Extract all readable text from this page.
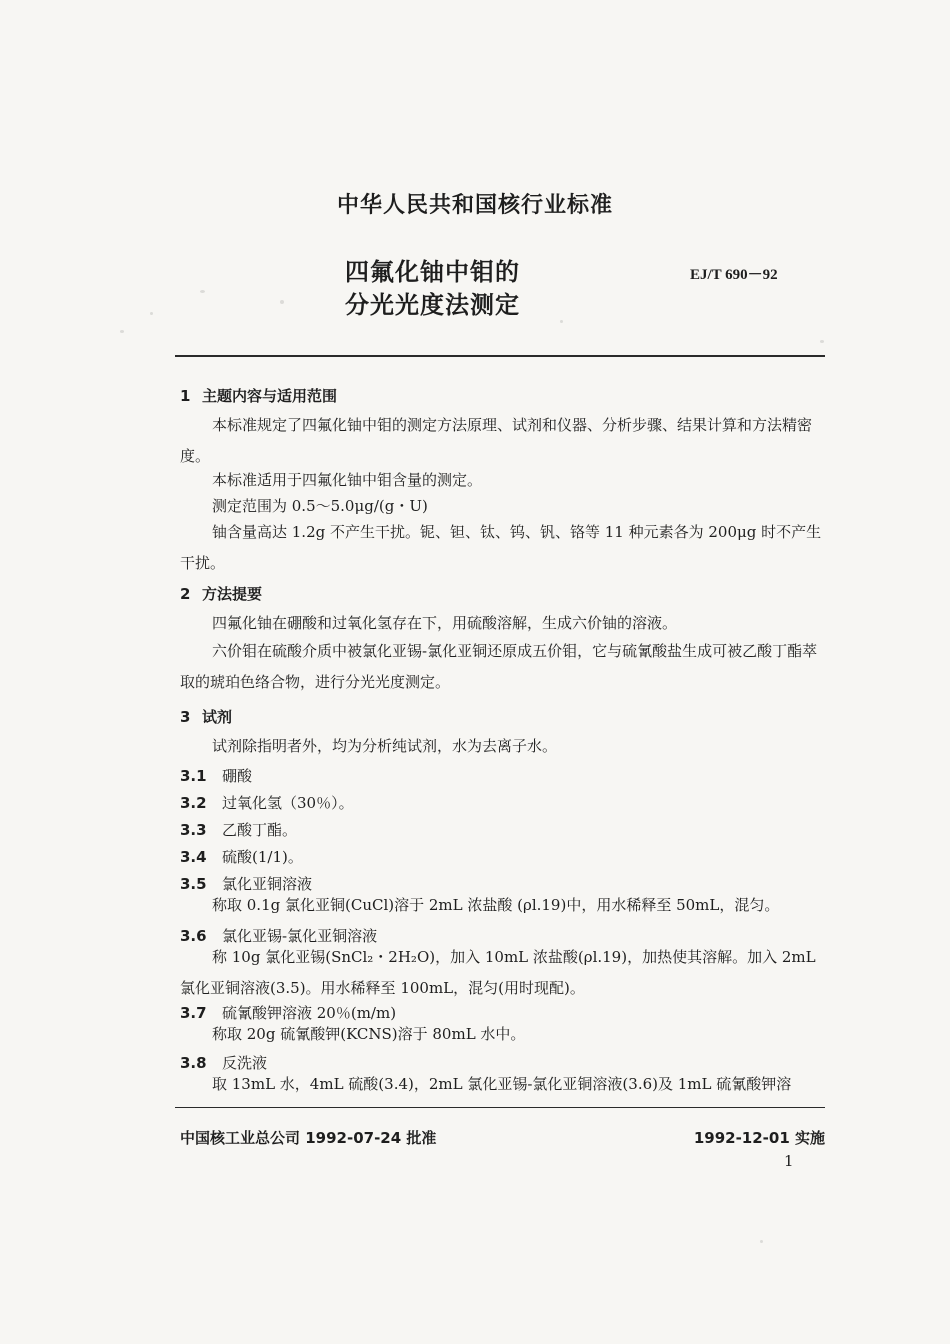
中华人民共和国核行业标准
四氟化铀中钼的
分光光度法测定
EJ/T 690－92
1 主题内容与适用范围
本标准规定了四氟化铀中钼的测定方法原理、试剂和仪器、分析步骤、结果计算和方法精密度。
本标准适用于四氟化铀中钼含量的测定。
测定范围为 0.5～5.0μg/(g・U)
铀含量高达 1.2g 不产生干扰。铌、钽、钛、钨、钒、铬等 11 种元素各为 200μg 时不产生干扰。
2 方法提要
四氟化铀在硼酸和过氧化氢存在下，用硫酸溶解，生成六价铀的溶液。
六价钼在硫酸介质中被氯化亚锡-氯化亚铜还原成五价钼，它与硫氰酸盐生成可被乙酸丁酯萃取的琥珀色络合物，进行分光光度测定。
3 试剂
试剂除指明者外，均为分析纯试剂，水为去离子水。
3.1 硼酸
3.2 过氧化氢（30％）。
3.3 乙酸丁酯。
3.4 硫酸(1/1)。
3.5 氯化亚铜溶液
称取 0.1g 氯化亚铜(CuCl)溶于 2mL 浓盐酸 (ρl.19)中，用水稀释至 50mL，混匀。
3.6 氯化亚锡-氯化亚铜溶液
称 10g 氯化亚锡(SnCl₂・2H₂O)，加入 10mL 浓盐酸(ρl.19)，加热使其溶解。加入 2mL 氯化亚铜溶液(3.5)。用水稀释至 100mL，混匀(用时现配)。
3.7 硫氰酸钾溶液 20％(m/m)
称取 20g 硫氰酸钾(KCNS)溶于 80mL 水中。
3.8 反洗液
取 13mL 水，4mL 硫酸(3.4)，2mL 氯化亚锡-氯化亚铜溶液(3.6)及 1mL 硫氰酸钾溶
中国核工业总公司 1992-07-24 批准	1992-12-01 实施
1
